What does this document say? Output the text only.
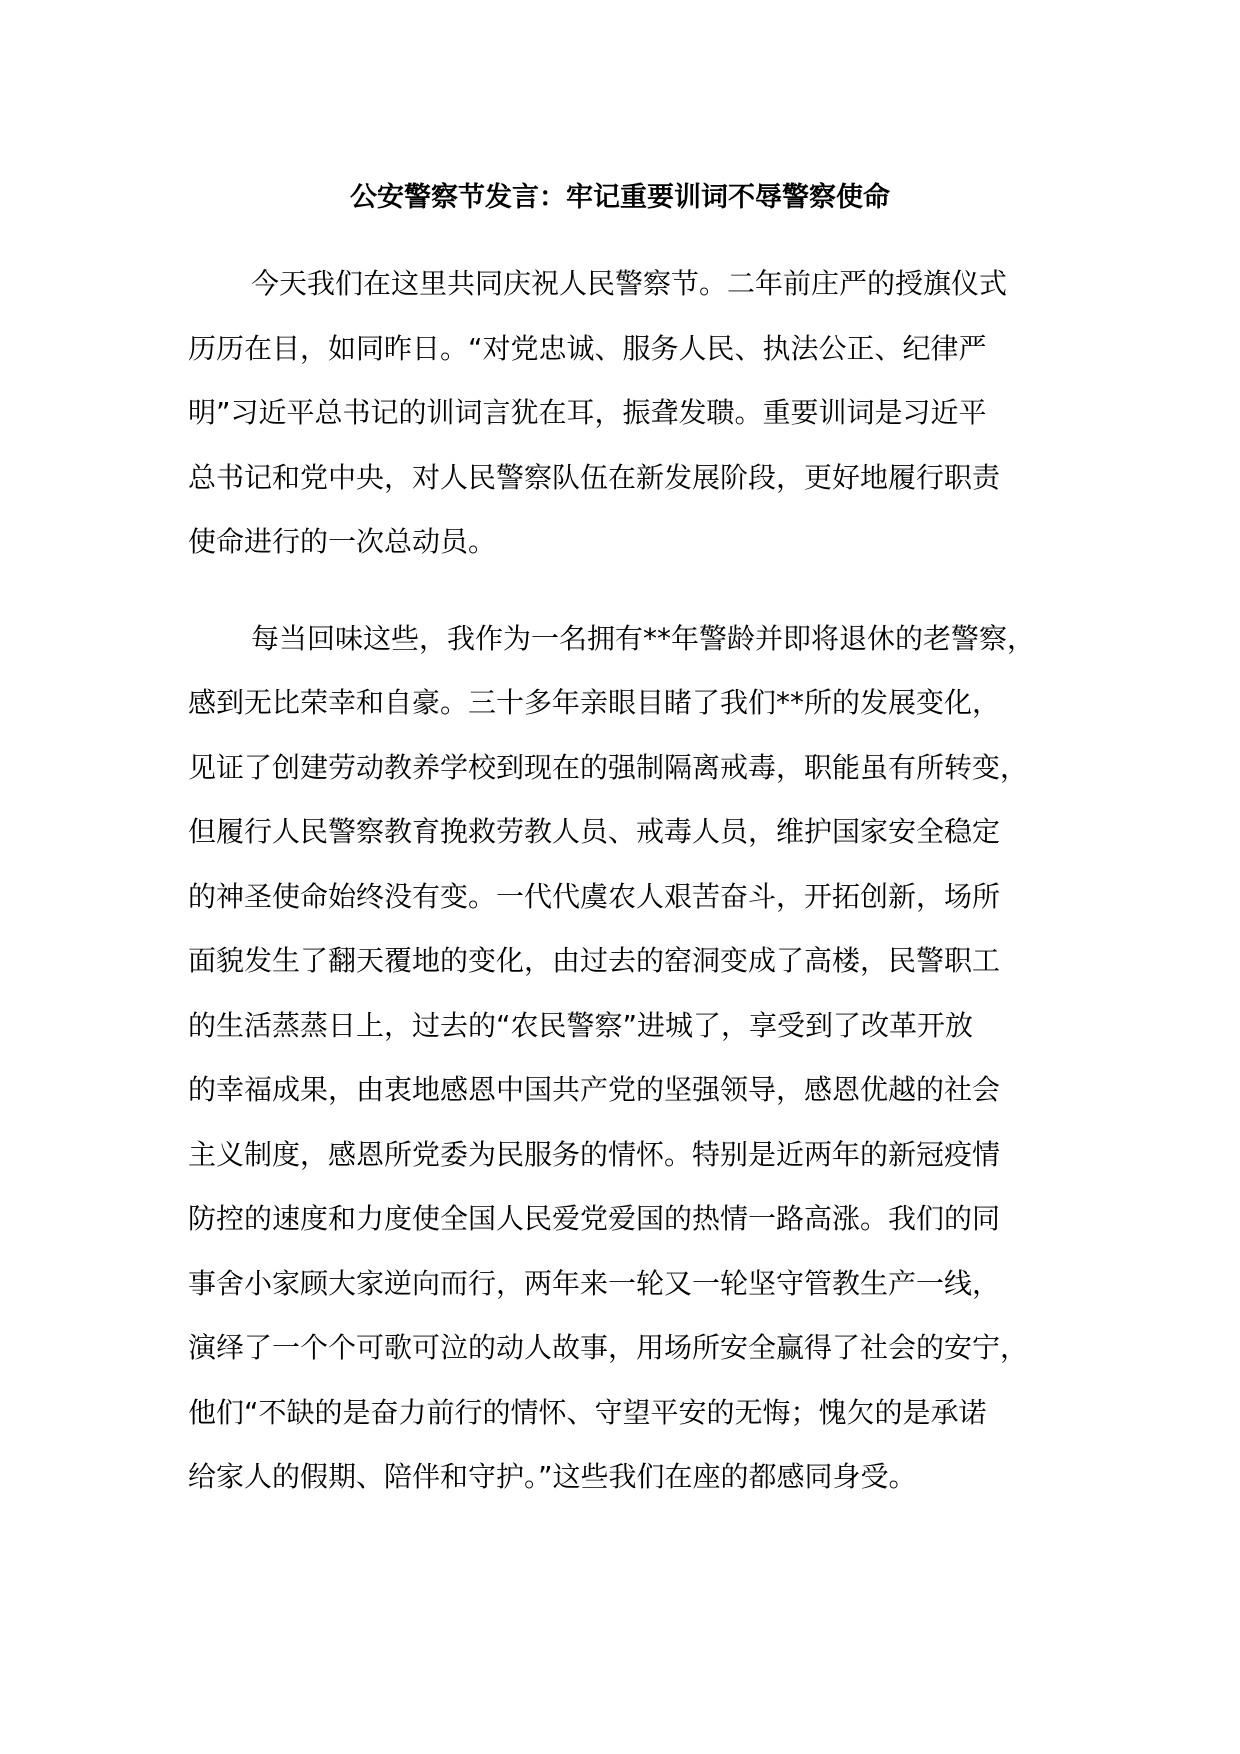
公安警察节发言：牢记重要训词不辱警察使命
今天我们在这里共同庆祝人民警察节。二年前庄严的授旗仪式
历历在目，如同昨日。“对党忠诚、服务人民、执法公正、纪律严
明”习近平总书记的训词言犹在耳，振聋发聩。重要训词是习近平
总书记和党中央，对人民警察队伍在新发展阶段，更好地履行职责
使命进行的一次总动员。
每当回味这些，我作为一名拥有**年警龄并即将退休的老警察，
感到无比荣幸和自豪。三十多年亲眼目睹了我们**所的发展变化，
见证了创建劳动教养学校到现在的强制隔离戒毒，职能虽有所转变，
但履行人民警察教育挽救劳教人员、戒毒人员，维护国家安全稳定
的神圣使命始终没有变。一代代虞农人艰苦奋斗，开拓创新，场所
面貌发生了翻天覆地的变化，由过去的窑洞变成了高楼，民警职工
的生活蒸蒸日上，过去的“农民警察”进城了，享受到了改革开放
的幸福成果，由衷地感恩中国共产党的坚强领导，感恩优越的社会
主义制度，感恩所党委为民服务的情怀。特别是近两年的新冠疫情
防控的速度和力度使全国人民爱党爱国的热情一路高涨。我们的同
事舍小家顾大家逆向而行，两年来一轮又一轮坚守管教生产一线，
演绎了一个个可歌可泣的动人故事，用场所安全赢得了社会的安宁，
他们“不缺的是奋力前行的情怀、守望平安的无悔；愧欠的是承诺
给家人的假期、陪伴和守护。”这些我们在座的都感同身受。
